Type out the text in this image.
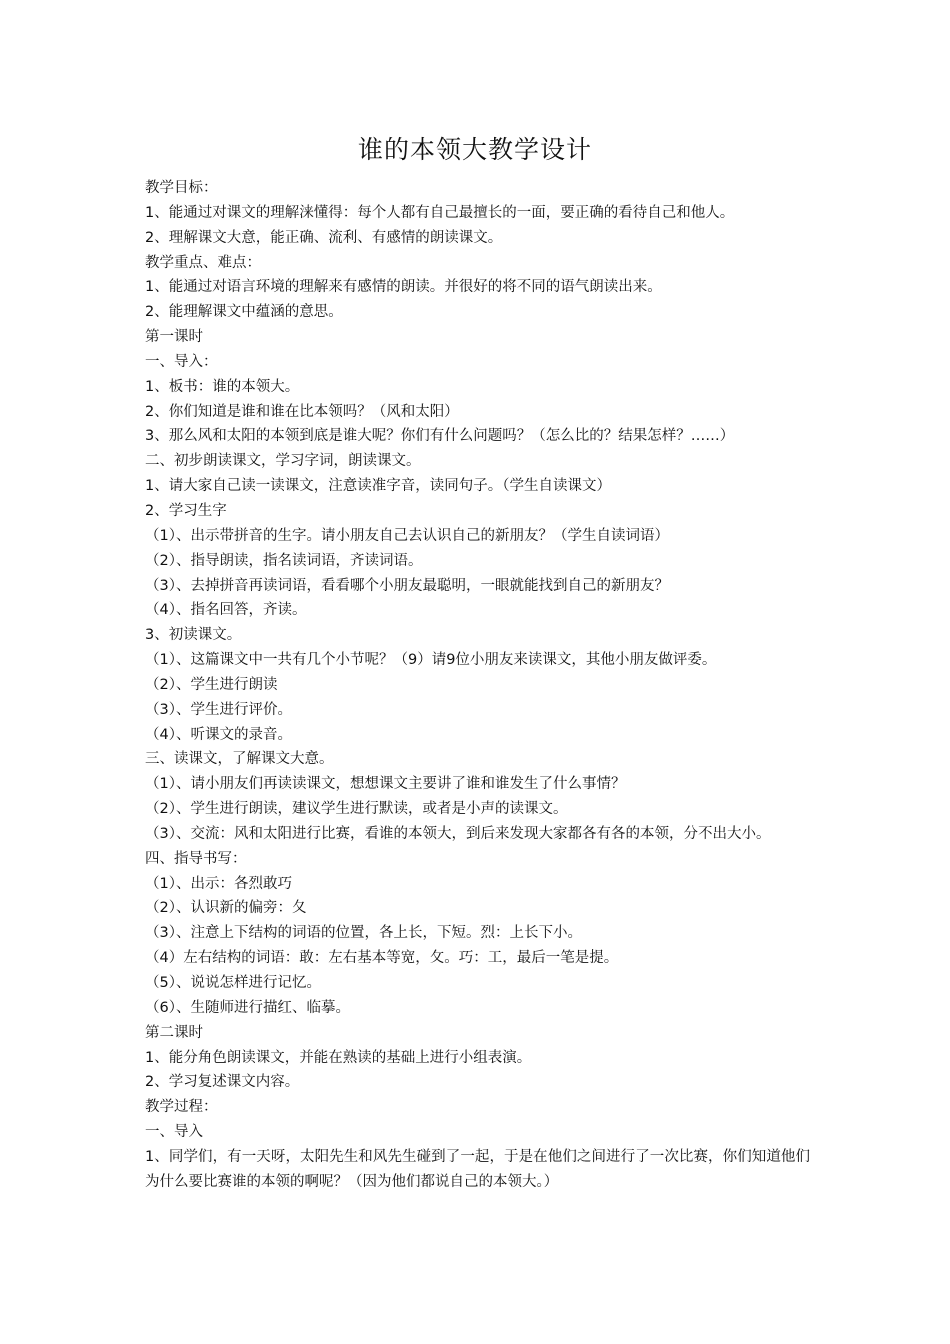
谁的本领大教学设计

教学目标：

1、能通过对课文的理解涞懂得：每个人都有自己最擅长的一面，要正确的看待自己和他人。

2、理解课文大意，能正确、流利、有感情的朗读课文。

教学重点、难点：

1、能通过对语言环境的理解来有感情的朗读。并很好的将不同的语气朗读出来。

2、能理解课文中蕴涵的意思。

第一课时

一、导入：

1、板书：谁的本领大。

2、你们知道是谁和谁在比本领吗？（风和太阳）

3、那么风和太阳的本领到底是谁大呢？你们有什么问题吗？（怎么比的？结果怎样？……）

二、初步朗读课文，学习字词，朗读课文。

1、请大家自己读一读课文，注意读准字音，读同句子。（学生自读课文）

2、学习生字

（1）、出示带拼音的生字。请小朋友自己去认识自己的新朋友？（学生自读词语）

（2）、指导朗读，指名读词语，齐读词语。

（3）、去掉拼音再读词语，看看哪个小朋友最聪明，一眼就能找到自己的新朋友？

（4）、指名回答，齐读。

3、初读课文。

（1）、这篇课文中一共有几个小节呢？（9）请9位小朋友来读课文，其他小朋友做评委。

（2）、学生进行朗读

（3）、学生进行评价。

（4）、听课文的录音。

三、读课文，了解课文大意。

（1）、请小朋友们再读读课文，想想课文主要讲了谁和谁发生了什么事情？

（2）、学生进行朗读，建议学生进行默读，或者是小声的读课文。

（3）、交流：风和太阳进行比赛，看谁的本领大，到后来发现大家都各有各的本领，分不出大小。

四、指导书写：

（1）、出示：各烈敢巧

（2）、认识新的偏旁：夂

（3）、注意上下结构的词语的位置，各上长，下短。烈：上长下小。

（4）左右结构的词语：敢：左右基本等宽，攵。巧：工，最后一笔是提。

（5）、说说怎样进行记忆。

（6）、生随师进行描红、临摹。

第二课时

1、能分角色朗读课文，并能在熟读的基础上进行小组表演。

2、学习复述课文内容。

教学过程：

一、导入

1、同学们，有一天呀，太阳先生和风先生碰到了一起，于是在他们之间进行了一次比赛，你们知道他们为什么要比赛谁的本领的啊呢？（因为他们都说自己的本领大。）
